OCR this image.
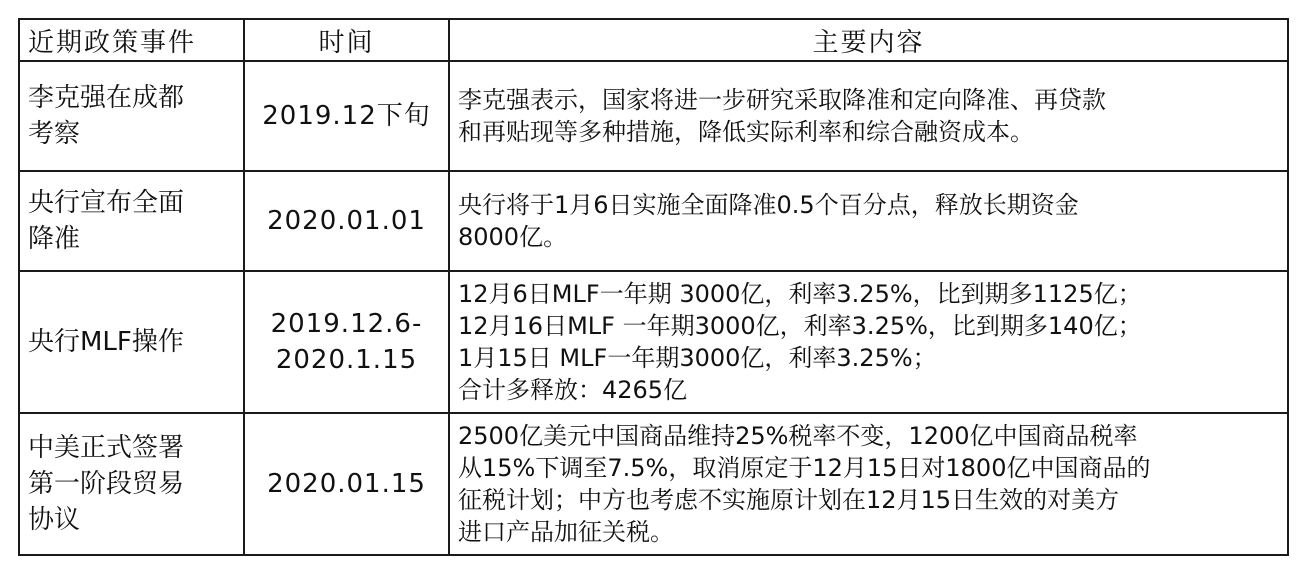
近期政策事件	时间	主要内容

李克强在成都
考察	2019.12下旬	李克强表示，国家将进一步研究采取降准和定向降准、再贷款
和再贴现等多种措施，降低实际利率和综合融资成本。

央行宣布全面
降准	2020.01.01	央行将于1月6日实施全面降准0.5个百分点，释放长期资金
8000亿。

央行MLF操作	2019.12.6-
2020.1.15	12月6日MLF一年期 3000亿，利率3.25%，比到期多1125亿；
12月16日MLF 一年期3000亿，利率3.25%，比到期多140亿；
1月15日 MLF一年期3000亿，利率3.25%；
合计多释放：4265亿

中美正式签署
第一阶段贸易
协议	2020.01.15	2500亿美元中国商品维持25%税率不变，1200亿中国商品税率
从15%下调至7.5%，取消原定于12月15日对1800亿中国商品的
征税计划；中方也考虑不实施原计划在12月15日生效的对美方
进口产品加征关税。
